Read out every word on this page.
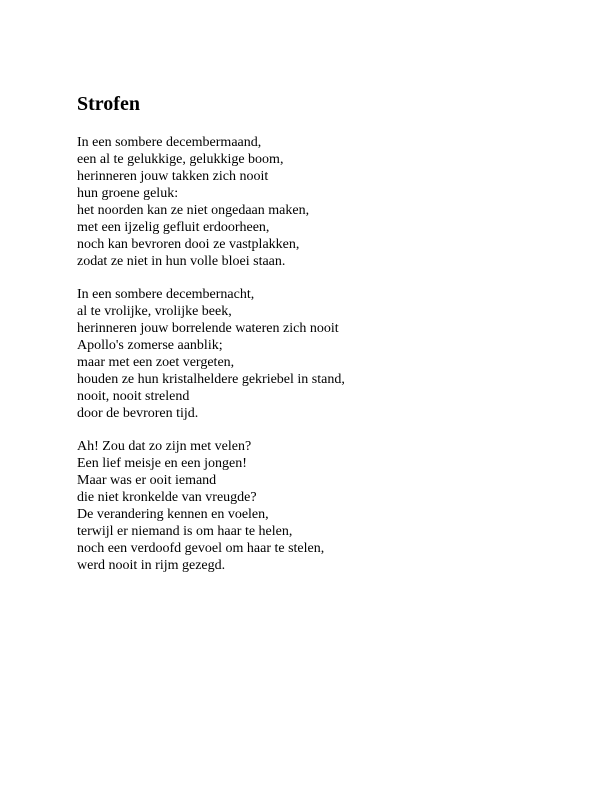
Strofen
In een sombere decembermaand,
een al te gelukkige, gelukkige boom,
herinneren jouw takken zich nooit
hun groene geluk:
het noorden kan ze niet ongedaan maken,
met een ijzelig gefluit erdoorheen,
noch kan bevroren dooi ze vastplakken,
zodat ze niet in hun volle bloei staan.
In een sombere decembernacht,
al te vrolijke, vrolijke beek,
herinneren jouw borrelende wateren zich nooit
Apollo's zomerse aanblik;
maar met een zoet vergeten,
houden ze hun kristalheldere gekriebel in stand,
nooit, nooit strelend
door de bevroren tijd.
Ah! Zou dat zo zijn met velen?
Een lief meisje en een jongen!
Maar was er ooit iemand
die niet kronkelde van vreugde?
De verandering kennen en voelen,
terwijl er niemand is om haar te helen,
noch een verdoofd gevoel om haar te stelen,
werd nooit in rijm gezegd.
